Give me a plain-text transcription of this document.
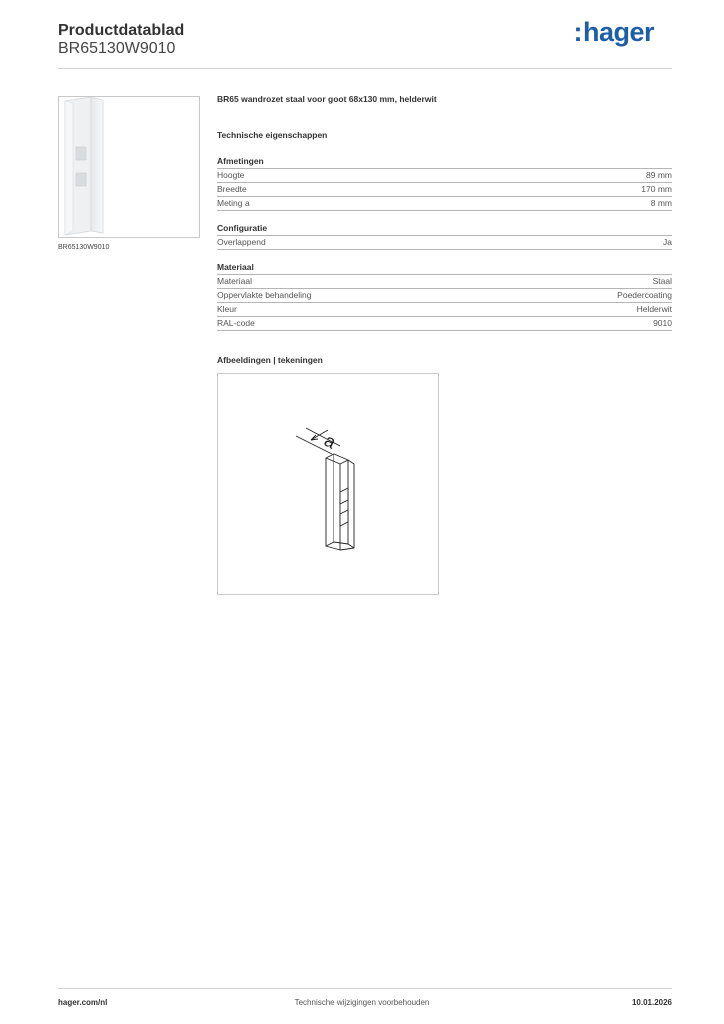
Productdatablad
BR65130W9010
:hager
BR65130W9010
BR65 wandrozet staal voor goot 68x130 mm, helderwit
Technische eigenschappen
Afmetingen
Hoogte	89 mm
Breedte	170 mm
Meting a	8 mm
Configuratie
Overlappend	Ja
Materiaal
Materiaal	Staal
Oppervlakte behandeling	Poedercoating
Kleur	Helderwit
RAL-code	9010
Afbeeldingen | tekeningen
a
hager.com/nl	Technische wijzigingen voorbehouden	10.01.2026
